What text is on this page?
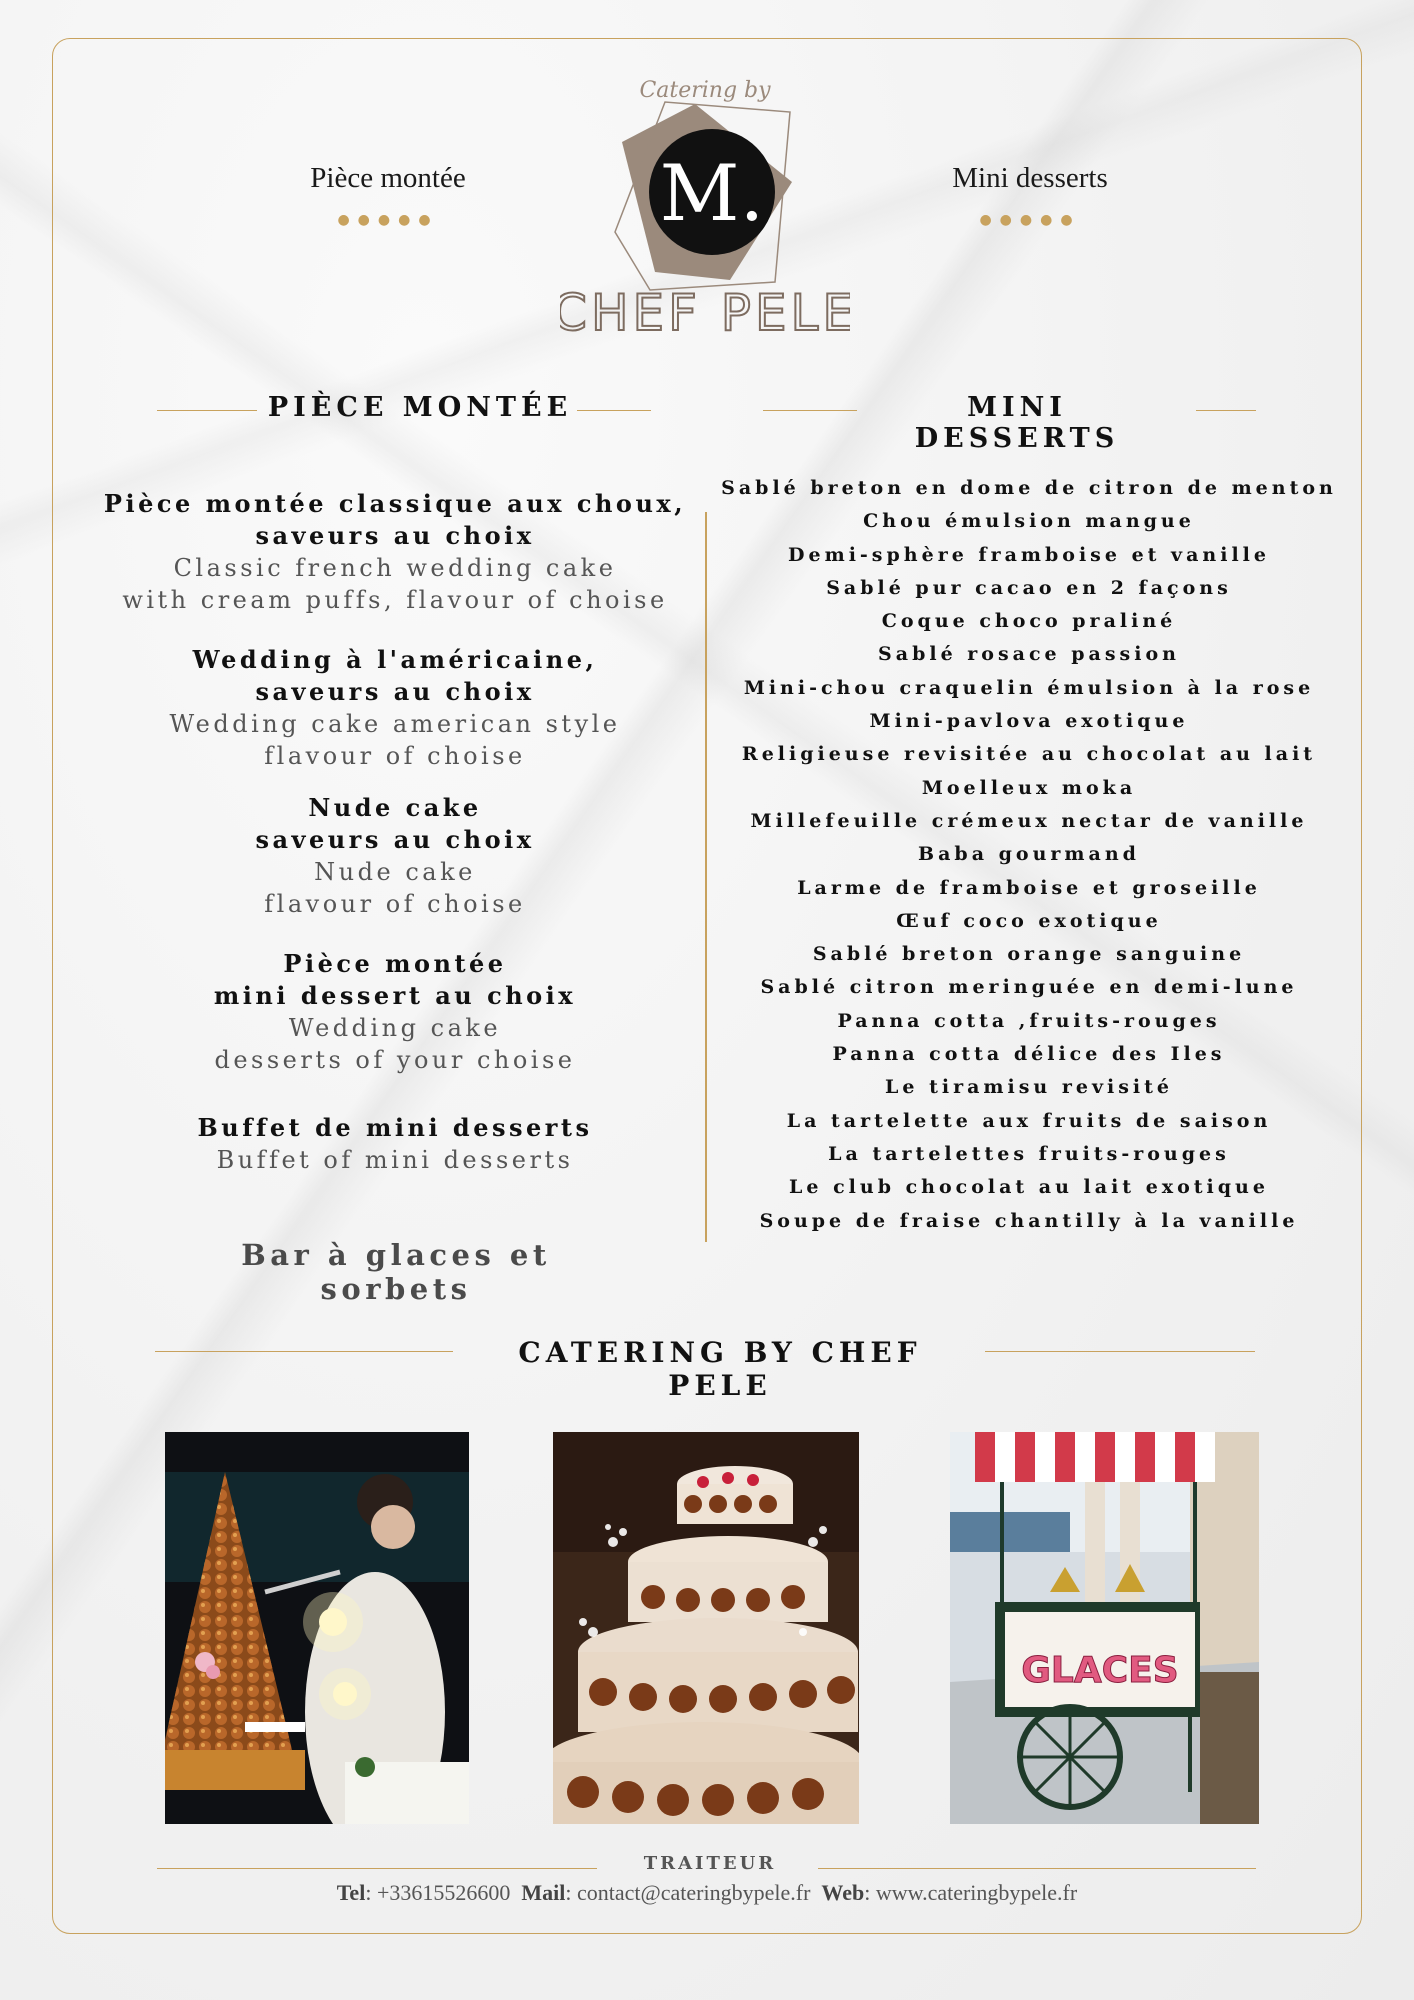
Pièce montée
●●●●●
Mini desserts
●●●●●
M.
Catering by
CHEF PELE
PIÈCE MONTÉE	MINI DESSERTS
Pièce montée classique aux choux,
saveurs au choix
Classic french wedding cake
with cream puffs, flavour of choise
Wedding à l'américaine,
saveurs au choix
Wedding cake american style
flavour of choise
Nude cake
saveurs au choix
Nude cake
flavour of choise
Pièce montée
mini dessert au choix
Wedding cake
desserts of your choise
Buffet de mini desserts
Buffet of mini desserts
Bar à glaces et sorbets
Sablé breton en dome de citron de menton
Chou émulsion mangue
Demi-sphère framboise et vanille
Sablé pur cacao en 2 façons
Coque choco praliné
Sablé rosace passion
Mini-chou craquelin émulsion à la rose
Mini-pavlova exotique
Religieuse revisitée au chocolat au lait
Moelleux moka
Millefeuille crémeux nectar de vanille
Baba gourmand
Larme de framboise et groseille
Œuf coco exotique
Sablé breton orange sanguine
Sablé citron meringuée en demi-lune
Panna cotta ,fruits-rouges
Panna cotta délice des Iles
Le tiramisu revisité
La tartelette aux fruits de saison
La tartelettes fruits-rouges
Le club chocolat au lait exotique
Soupe de fraise chantilly à la vanille
CATERING BY CHEF PELE
GLACES
TRAITEUR
Tel: +33615526600 Mail: contact@cateringbypele.fr Web: www.cateringbypele.fr
